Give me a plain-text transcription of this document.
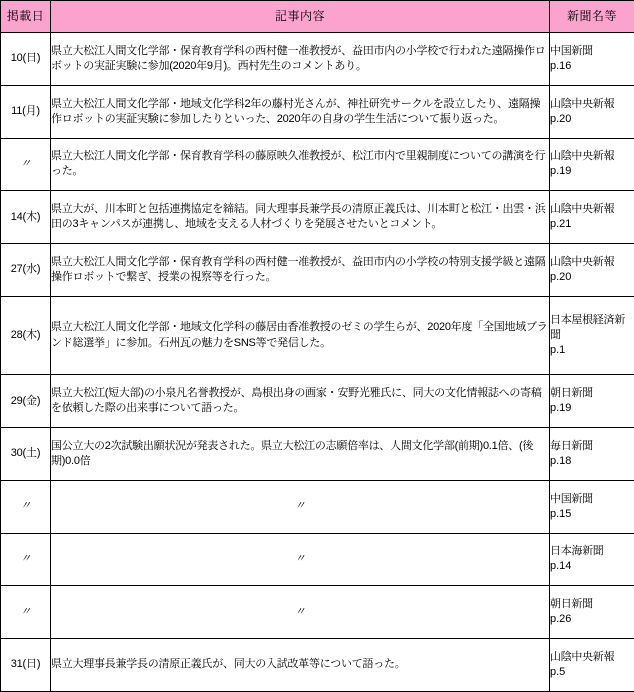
掲載日	記事内容	新聞名等
10(日)	県立大松江人間文化学部・保育教育学科の西村健一准教授が、益田市内の小学校で行われた遠隔操作ロボットの実証実験に参加(2020年9月)。西村先生のコメントあり。	中国新聞
p.16

11(月)	県立大松江人間文化学部・地域文化学科2年の藤村光さんが、神社研究サークルを設立したり、遠隔操作ロボットの実証実験に参加したりといった、2020年の自身の学生生活について振り返った。	山陰中央新報
p.20

〃	県立大松江人間文化学部・保育教育学科の藤原映久准教授が、松江市内で里親制度についての講演を行った。	山陰中央新報
p.19

14(木)	県立大が、川本町と包括連携協定を締結。同大理事長兼学長の清原正義氏は、川本町と松江・出雲・浜田の3キャンパスが連携し、地域を支える人材づくりを発展させたいとコメント。	山陰中央新報
p.21

27(水)	県立大松江人間文化学部・保育教育学科の西村健一准教授が、益田市内の小学校の特別支援学級と遠隔操作ロボットで繋ぎ、授業の視察等を行った。	山陰中央新報
p.20

28(木)	県立大松江人間文化学部・地域文化学科の藤居由香准教授のゼミの学生らが、2020年度「全国地域ブランド総選挙」に参加。石州瓦の魅力をSNS等で発信した。	日本屋根経済新聞
p.1

29(金)	県立大松江(短大部)の小泉凡名誉教授が、島根出身の画家・安野光雅氏に、同大の文化情報誌への寄稿を依頼した際の出来事について語った。	朝日新聞
p.19

30(土)	国公立大の2次試験出願状況が発表された。県立大松江の志願倍率は、人間文化学部(前期)0.1倍、(後期)0.0倍	毎日新聞
p.18

〃	〃	中国新聞
p.15

〃	〃	日本海新聞
p.14

〃	〃	朝日新聞
p.26

31(日)	県立大理事長兼学長の清原正義氏が、同大の入試改革等について語った。	山陰中央新報
p.5
